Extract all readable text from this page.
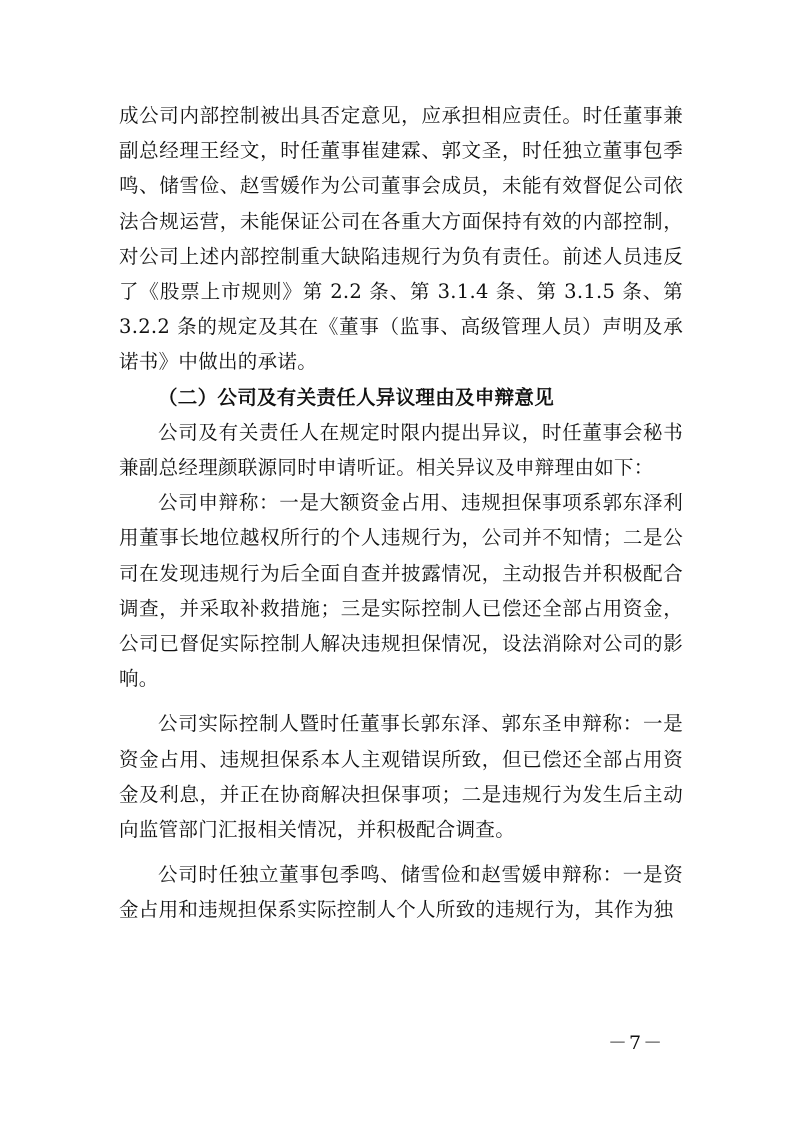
成公司内部控制被出具否定意见，应承担相应责任。时任董事兼副总经理王经文，时任董事崔建霖、郭文圣，时任独立董事包季鸣、储雪俭、赵雪媛作为公司董事会成员，未能有效督促公司依法合规运营，未能保证公司在各重大方面保持有效的内部控制，对公司上述内部控制重大缺陷违规行为负有责任。前述人员违反了《股票上市规则》第 2.2 条、第 3.1.4 条、第 3.1.5 条、第3.2.2 条的规定及其在《董事（监事、高级管理人员）声明及承诺书》中做出的承诺。

（二）公司及有关责任人异议理由及申辩意见

公司及有关责任人在规定时限内提出异议，时任董事会秘书兼副总经理颜联源同时申请听证。相关异议及申辩理由如下：

公司申辩称：一是大额资金占用、违规担保事项系郭东泽利用董事长地位越权所行的个人违规行为，公司并不知情；二是公司在发现违规行为后全面自查并披露情况，主动报告并积极配合调查，并采取补救措施；三是实际控制人已偿还全部占用资金，公司已督促实际控制人解决违规担保情况，设法消除对公司的影响。

公司实际控制人暨时任董事长郭东泽、郭东圣申辩称：一是资金占用、违规担保系本人主观错误所致，但已偿还全部占用资金及利息，并正在协商解决担保事项；二是违规行为发生后主动向监管部门汇报相关情况，并积极配合调查。

公司时任独立董事包季鸣、储雪俭和赵雪媛申辩称：一是资金占用和违规担保系实际控制人个人所致的违规行为，其作为独

－7－
